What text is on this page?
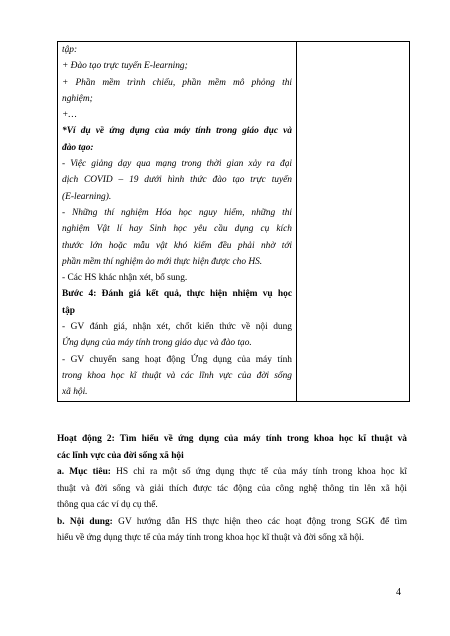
tập:
+ Đào tạo trực tuyến E-learning;
+ Phần mềm trình chiếu, phần mềm mô phỏng thí
nghiệm;
+…
*Ví dụ về ứng dụng của máy tính trong giáo dục và
đào tạo:
- Việc giảng dạy qua mạng trong thời gian xảy ra đại
dịch COVID – 19 dưới hình thức đào tạo trực tuyến
(E-learning).
- Những thí nghiệm Hóa học nguy hiểm, những thí
nghiệm Vật lí hay Sinh học yêu cầu dụng cụ kích
thước lớn hoặc mẫu vật khó kiếm đều phải nhờ tới
phần mềm thí nghiệm ảo mới thực hiện được cho HS.
- Các HS khác nhận xét, bổ sung.
Bước 4: Đánh giá kết quả, thực hiện nhiệm vụ học
tập
- GV đánh giá, nhận xét, chốt kiến thức về nội dung
Ứng dụng của máy tính trong giáo dục và đào tạo.
- GV chuyển sang hoạt động Ứng dụng của máy tính
trong khoa học kĩ thuật và các lĩnh vực của đời sống
xã hội.

Hoạt động 2: Tìm hiểu về ứng dụng của máy tính trong khoa học kĩ thuật và
các lĩnh vực của đời sống xã hội
a. Mục tiêu: HS chỉ ra một số ứng dụng thực tế của máy tính trong khoa học kĩ
thuật và đời sống và giải thích được tác động của công nghệ thông tin lên xã hội
thông qua các ví dụ cụ thể.
b. Nội dung: GV hướng dẫn HS thực hiện theo các hoạt động trong SGK để tìm
hiểu về ứng dụng thực tế của máy tính trong khoa học kĩ thuật và đời sống xã hội.
4
